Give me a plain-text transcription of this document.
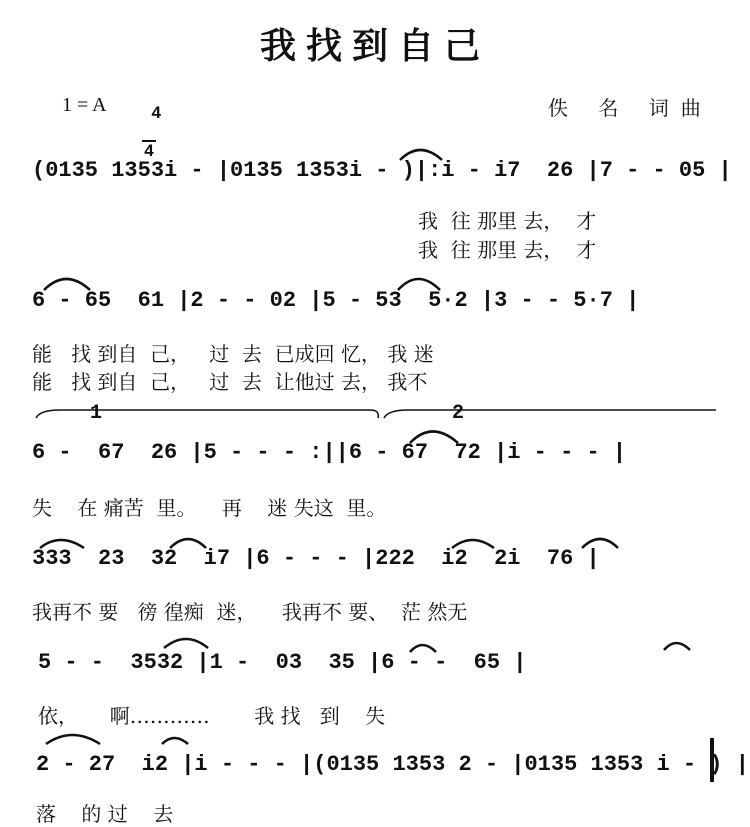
我找到自己
1 = A	4

4

佚 名 词曲
(0135 1353i - |0135 1353i - )|:i - i7  26 |7 - - 05 |
我  往 那里 去，  才
我  往 那里 去，  才
6 - 65  61 |2 - - 02 |5 - 53  5·2 |3 - - 5·7 |
能   找 到自  己，   过  去  已成回 忆， 我 迷
能   找 到自  己，   过  去  让他过 去， 我不
1	2
6 -  67  26 |5 - - - :||6 - 67  72 |i - - - |
失    在 痛苦  里。    再    迷 失这  里。
333  23  32  i7 |6 - - - |222  i2  2i  76 |
我再不 要   徬 徨痴  迷，    我再不 要、  茫 然无
5 - -  3532 |1 -  03  35 |6 - -  65 |
依，     啊…………       我 找   到    失
2 - 27  i2 |i - - - |(0135 1353 2 - |0135 1353 i - ) |
落    的 过    去
